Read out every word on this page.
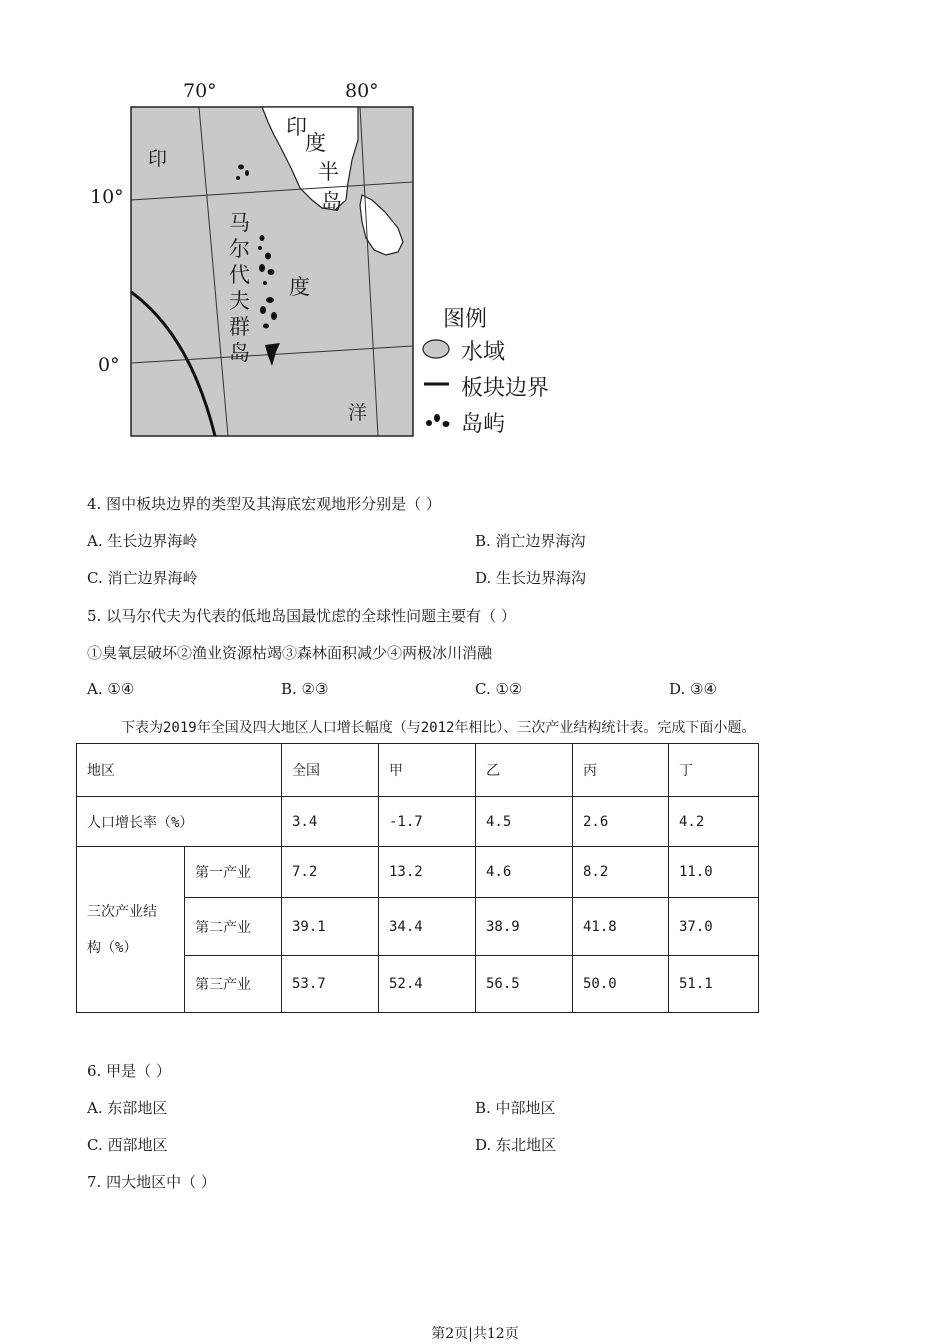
70°	80°
10°
0°
印
度
半
岛
印
度
洋
马
尔
代
夫
群
岛
图例
水域
板块边界
岛屿
4. 图中板块边界的类型及其海底宏观地形分别是（ ）
A. 生长边界海岭	B. 消亡边界海沟
C. 消亡边界海岭	D. 生长边界海沟
5. 以马尔代夫为代表的低地岛国最忧虑的全球性问题主要有（ ）
①臭氧层破坏②渔业资源枯竭③森林面积减少④两极冰川消融
A. ①④	B. ②③	C. ①②	D. ③④
下表为2019年全国及四大地区人口增长幅度（与2012年相比）、三次产业结构统计表。完成下面小题。
地区		全国	甲	乙	丙	丁
人口增长率（%）		3.4	-1.7	4.5	2.6	4.2

三次产业结
构（%）	第一产业	7.2	13.2	4.6	8.2	11.0
	第二产业	39.1	34.4	38.9	41.8	37.0
	第三产业	53.7	52.4	56.5	50.0	51.1
6. 甲是（ ）
A. 东部地区	B. 中部地区
C. 西部地区	D. 东北地区
7. 四大地区中（ ）
第2页|共12页
